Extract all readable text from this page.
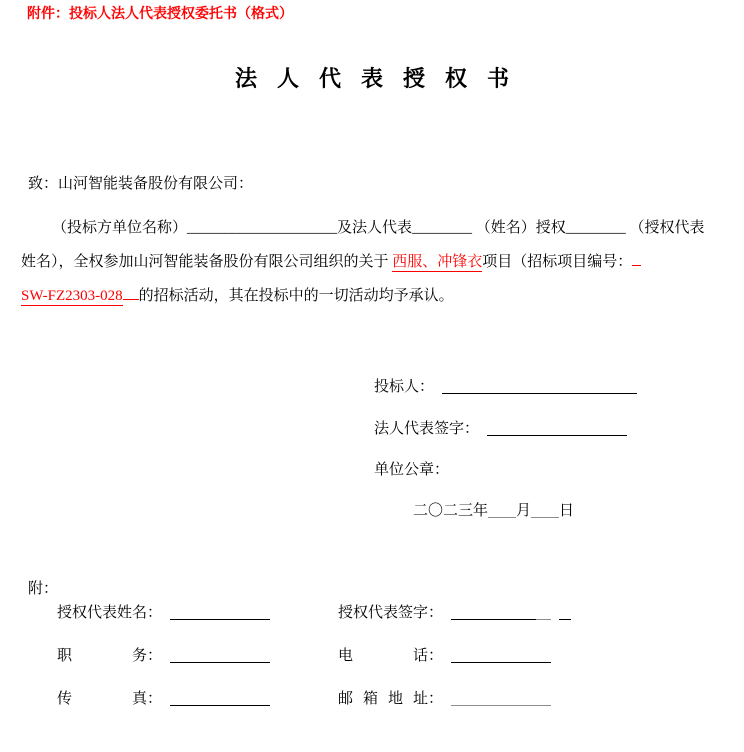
附件：投标人法人代表授权委托书（格式）
法人代表授权书
致：山河智能装备股份有限公司：

（投标方单位名称）____________________及法人代表________ （姓名）授权________ （授权代表
姓名），全权参加山河智能装备股份有限公司组织的关于 西服、冲锋衣项目（招标项目编号：
SW-FZ2303-028 的招标活动，其在投标中的一切活动均予承认。

投标人：
法人代表签字：
单位公章：
二〇二三年 月 日
附：
授权代表姓名：	授权代表签字：
职务：	电话：
传真：	邮箱地址：
